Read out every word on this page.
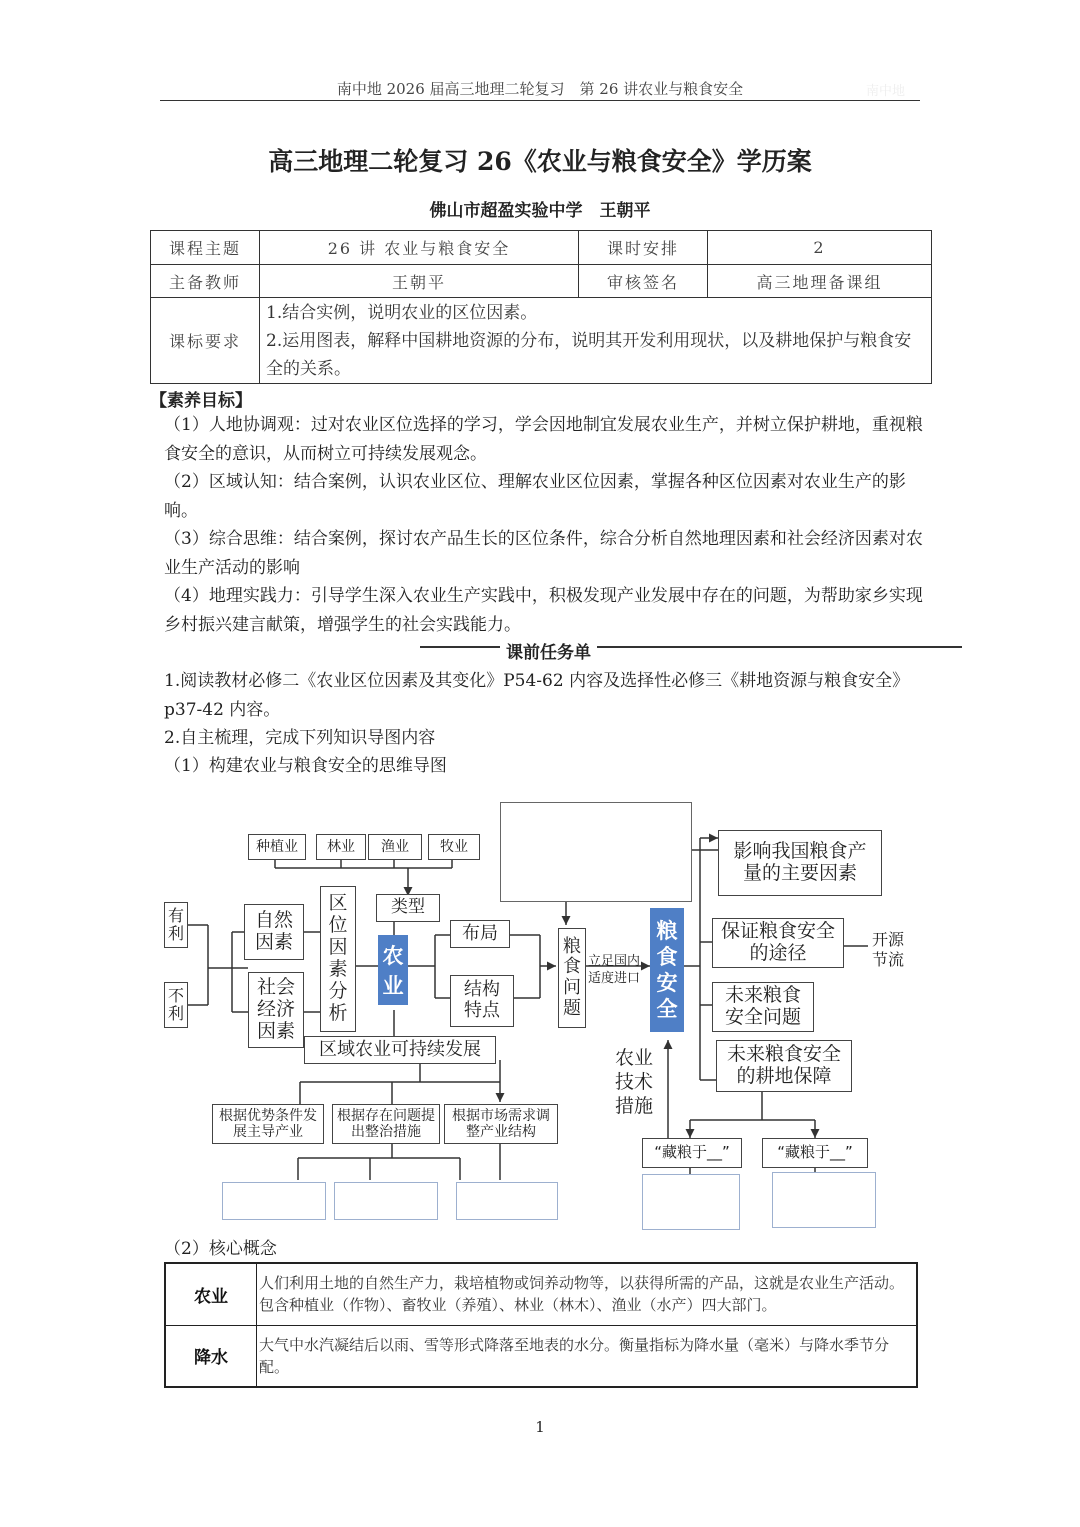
南中地 2026 届高三地理二轮复习　第 26 讲农业与粮食安全	南中地
高三地理二轮复习 26《农业与粮食安全》学历案
佛山市超盈实验中学　王朝平
课程主题	26 讲 农业与粮食安全	课时安排	2
主备教师	王朝平	审核签名	高三地理备课组
课标要求	1.结合实例，说明农业的区位因素。
2.运用图表，解释中国耕地资源的分布，说明其开发利用现状，以及耕地保护与粮食安全的关系。		
【素养目标】
（1）人地协调观：过对农业区位选择的学习，学会因地制宜发展农业生产，并树立保护耕地，重视粮食安全的意识，从而树立可持续发展观念。
（2）区域认知：结合案例，认识农业区位、理解农业区位因素，掌握各种区位因素对农业生产的影响。
（3）综合思维：结合案例，探讨农产品生长的区位条件，综合分析自然地理因素和社会经济因素对农业生产活动的影响
（4）地理实践力：引导学生深入农业生产实践中，积极发现产业发展中存在的问题，为帮助家乡实现乡村振兴建言献策，增强学生的社会实践能力。
课前任务单
1.阅读教材必修二《农业区位因素及其变化》P54-62 内容及选择性必修三《耕地资源与粮食安全》p37-42 内容。
2.自主梳理，完成下列知识导图内容
（1）构建农业与粮食安全的思维导图
种植业	林业	渔业	牧业
有利
不利
自然因素
社会经济因素
区位因素分析
类型
农业
布局
结构特点
粮食问题
立足国内适度进口
粮食安全
区域农业可持续发展
根据优势条件发展主导产业
根据存在问题提出整治措施
根据市场需求调整产业结构
影响我国粮食产量的主要因素
保证粮食安全的途径
开源节流
未来粮食安全问题
未来粮食安全的耕地保障
农业技术措施
“藏粮于__”	“藏粮于__”
（2）核心概念
农业	人们利用土地的自然生产力，栽培植物或饲养动物等，以获得所需的产品，这就是农业生产活动。包含种植业（作物）、畜牧业（养殖）、林业（林木）、渔业（水产）四大部门。
降水	大气中水汽凝结后以雨、雪等形式降落至地表的水分。衡量指标为降水量（毫米）与降水季节分配。
1
